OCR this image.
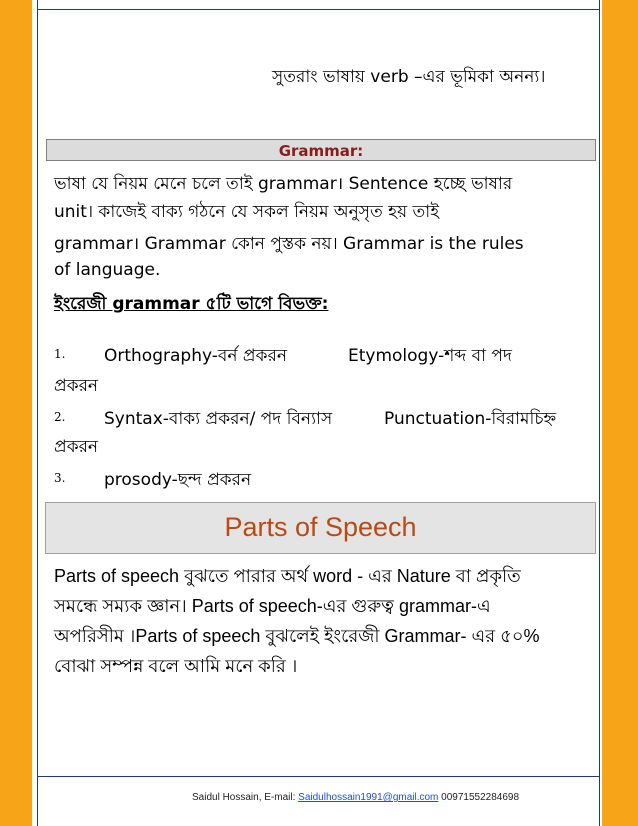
সুতরাং ভাষায় verb –এর ভূমিকা অনন্য।
Grammar:
ভাষা যে নিয়ম মেনে চলে তাই grammar। Sentence হচ্ছে ভাষার
unit। কাজেই বাক্য গঠনে যে সকল নিয়ম অনুসৃত হয় তাই
grammar। Grammar কোন পুস্তক নয়। Grammar is the rules
of language.
ইংরেজী grammar ৫টি ভাগে বিভক্ত:
1. Orthography-বর্ন প্রকরন	Etymology-শব্দ বা পদ
প্রকরন
2. Syntax-বাক্য প্রকরন/ পদ বিন্যাস	Punctuation-বিরামচিহ্ন
প্রকরন
3. prosody-ছন্দ প্রকরন
Parts of Speech
Parts of speech বুঝতে পারার অর্থ word - এর Nature বা প্রকৃতি
সমন্ধে সম্যক জ্ঞান। Parts of speech-এর গুরুত্ব grammar-এ
অপরিসীম ।Parts of speech বুঝলেই ইংরেজী Grammar- এর ৫০%
বোঝা সম্পন্ন বলে আমি মনে করি ।
Saidul Hossain, E-mail: Saidulhossain1991@gmail.com 00971552284698
